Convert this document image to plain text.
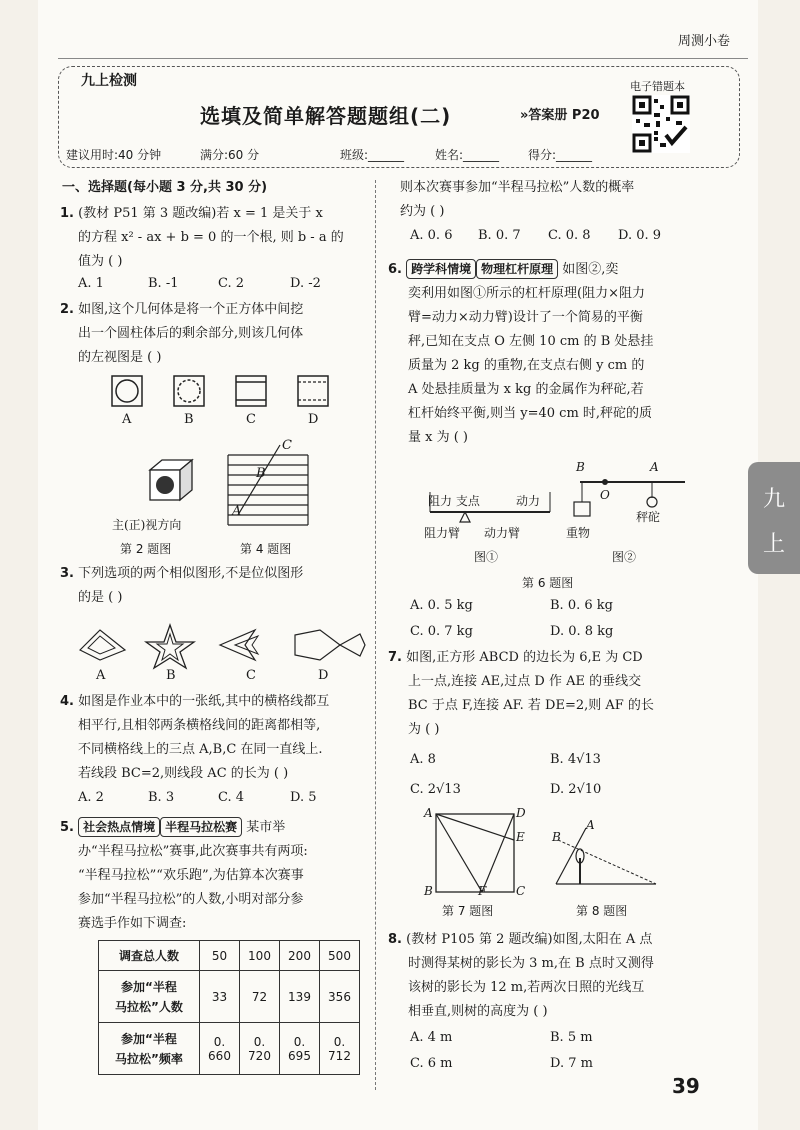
周测小卷
九上检测
选填及简单解答题题组(二)	»答案册 P20
电子错题本
建议用时:40 分钟	满分:60 分	班级:______	姓名:______ 得分:______
一、选择题(每小题 3 分,共 30 分)
1. (教材 P51 第 3 题改编)若 x = 1 是关于 x
的方程 x² - ax + b = 0 的一个根, 则 b - a 的
值为 ( )
A. 1	B. -1	C. 2	D. -2
2. 如图,这个几何体是将一个正方体中间挖
出一个圆柱体后的剩余部分,则该几何体
的左视图是 ( )
A	B	C	D
C
B
A
主(正)视方向
第 2 题图	第 4 题图
3. 下列选项的两个相似图形,不是位似图形
的是 ( )
A	B	C	D
4. 如图是作业本中的一张纸,其中的横格线都互
相平行,且相邻两条横格线间的距离都相等,
不同横格线上的三点 A,B,C 在同一直线上.
若线段 BC=2,则线段 AC 的长为 ( )
A. 2	B. 3	C. 4	D. 5
5. 社会热点情境 半程马拉松赛 某市举
办“半程马拉松”赛事,此次赛事共有两项:
“半程马拉松”“欢乐跑”,为估算本次赛事
参加“半程马拉松”的人数,小明对部分参
赛选手作如下调查:
调查总人数	50	100	200	500

参加“半程
马拉松”人数	33	72	139	356

参加“半程
马拉松”频率	0. 660	0. 720	0. 695	0. 712
则本次赛事参加“半程马拉松”人数的概率
约为 ( )
A. 0. 6 B. 0. 7 C. 0. 8 D. 0. 9
6. 跨学科情境 物理杠杆原理 如图②,奕
奕利用如图①所示的杠杆原理(阻力×阻力
臂=动力×动力臂)设计了一个简易的平衡
秤,已知在支点 O 左侧 10 cm 的 B 处悬挂
质量为 2 kg 的重物,在支点右侧 y cm 的
A 处悬挂质量为 x kg 的金属作为秤砣,若
杠杆始终平衡,则当 y=40 cm 时,秤砣的质
量 x 为 ( )
阻力 支点	动力
阻力臂 动力臂	重物
秤砣
B
O
A
图①	图②
第 6 题图
A. 0. 5 kg	B. 0. 6 kg
C. 0. 7 kg	D. 0. 8 kg
7. 如图,正方形 ABCD 的边长为 6,E 为 CD
上一点,连接 AE,过点 D 作 AE 的垂线交
BC 于点 F,连接 AF. 若 DE=2,则 AF 的长
为 ( )
A. 8	B. 4√13
C. 2√13	D. 2√10
A	D
E
B	F C
A
B
第 7 题图	第 8 题图
8. (教材 P105 第 2 题改编)如图,太阳在 A 点
时测得某树的影长为 3 m,在 B 点时又测得
该树的影长为 12 m,若两次日照的光线互
相垂直,则树的高度为 ( )
A. 4 m	B. 5 m
C. 6 m	D. 7 m
九
上
39
